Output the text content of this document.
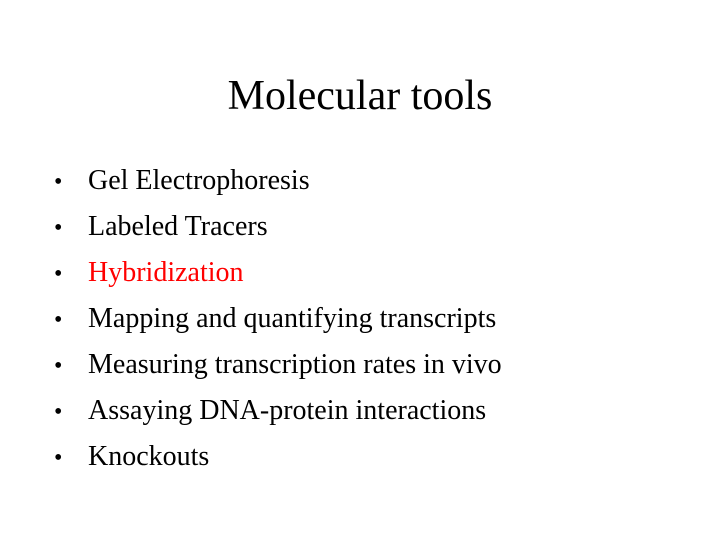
Molecular tools
• Gel Electrophoresis
• Labeled Tracers
• Hybridization
• Mapping and quantifying transcripts
• Measuring transcription rates in vivo
• Assaying DNA-protein interactions
• Knockouts
